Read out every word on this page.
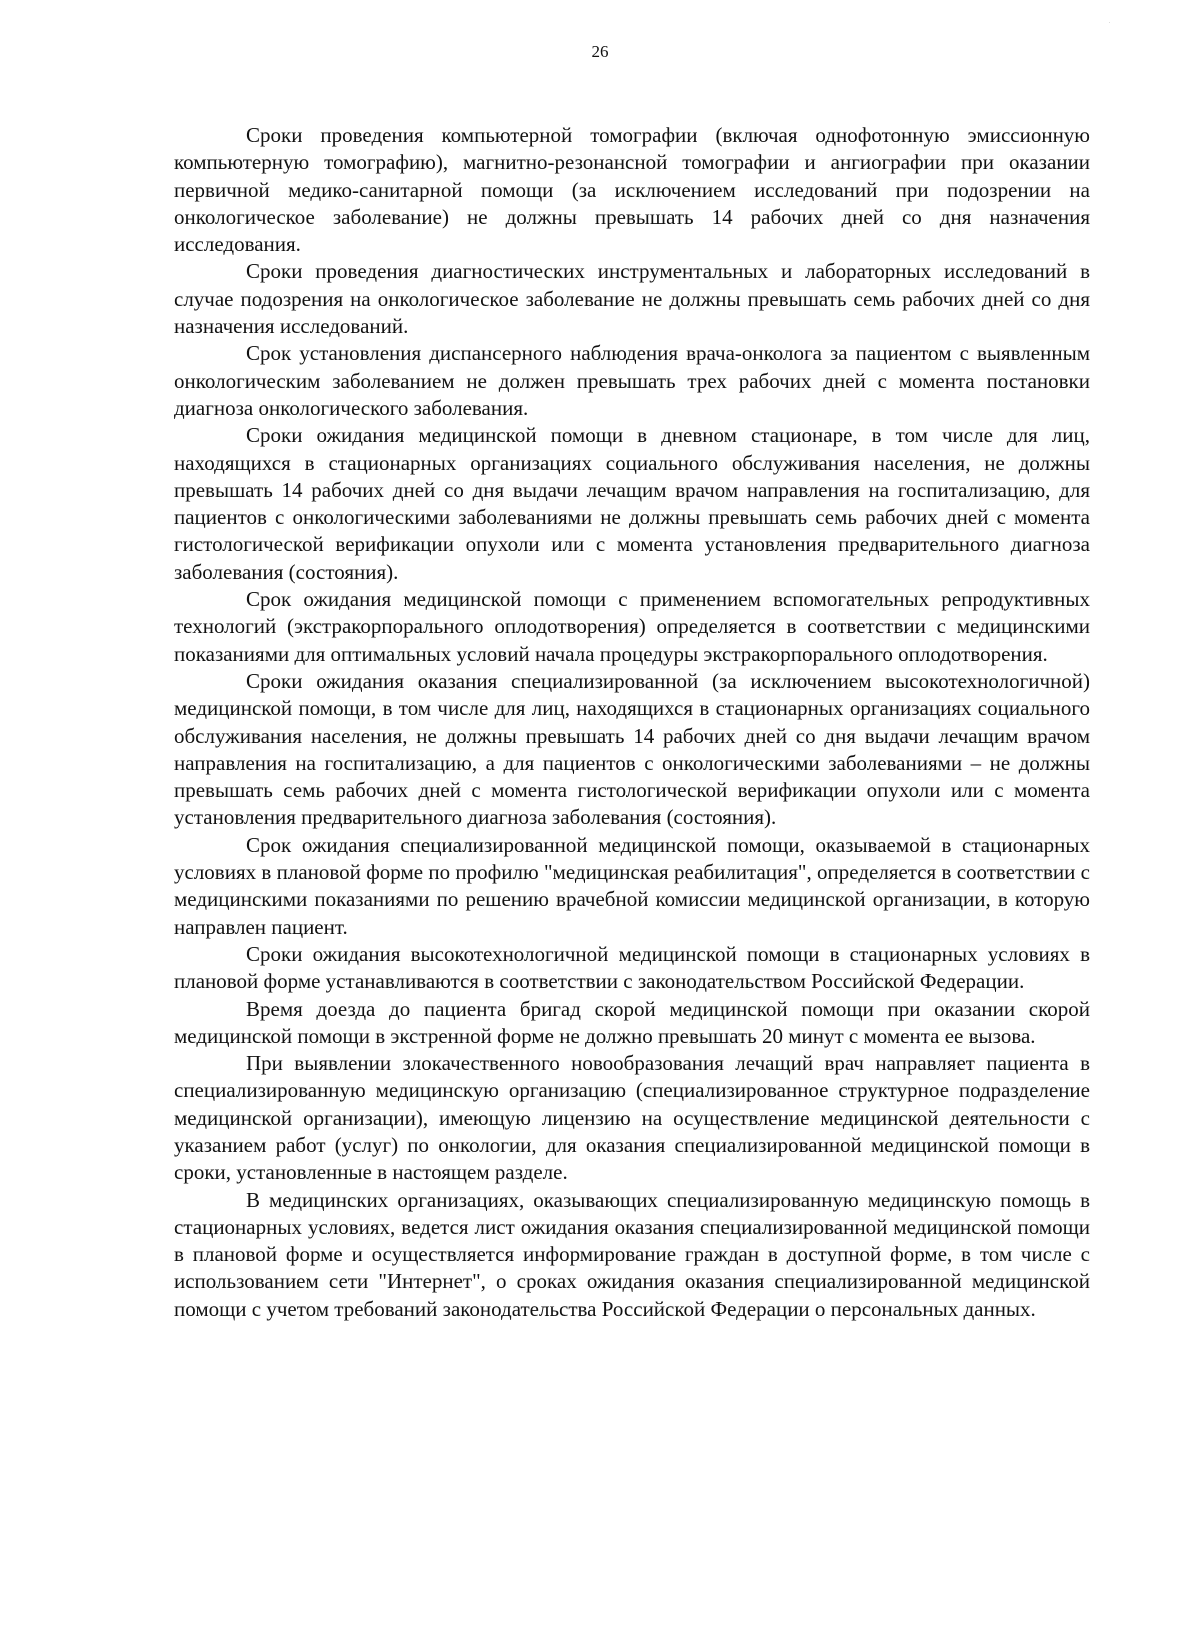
26

Сроки проведения компьютерной томографии (включая однофотонную эмиссионную компьютерную томографию), магнитно-резонансной томографии и ангиографии при оказании первичной медико-санитарной помощи (за исключением исследований при подозрении на онкологическое заболевание) не должны превышать 14 рабочих дней со дня назначения исследования.

Сроки проведения диагностических инструментальных и лабораторных исследований в случае подозрения на онкологическое заболевание не должны превышать семь рабочих дней со дня назначения исследований.

Срок установления диспансерного наблюдения врача-онколога за пациентом с выявленным онкологическим заболеванием не должен превышать трех рабочих дней с момента постановки диагноза онкологического заболевания.

Сроки ожидания медицинской помощи в дневном стационаре, в том числе для лиц, находящихся в стационарных организациях социального обслуживания населения, не должны превышать 14 рабочих дней со дня выдачи лечащим врачом направления на госпитализацию, для пациентов с онкологическими заболеваниями не должны превышать семь рабочих дней с момента гистологической верификации опухоли или с момента установления предварительного диагноза заболевания (состояния).

Срок ожидания медицинской помощи с применением вспомогательных репродуктивных технологий (экстракорпорального оплодотворения) определяется в соответствии с медицинскими показаниями для оптимальных условий начала процедуры экстракорпорального оплодотворения.

Сроки ожидания оказания специализированной (за исключением высокотехнологичной) медицинской помощи, в том числе для лиц, находящихся в стационарных организациях социального обслуживания населения, не должны превышать 14 рабочих дней со дня выдачи лечащим врачом направления на госпитализацию, а для пациентов с онкологическими заболеваниями – не должны превышать семь рабочих дней с момента гистологической верификации опухоли или с момента установления предварительного диагноза заболевания (состояния).

Срок ожидания специализированной медицинской помощи, оказываемой в стационарных условиях в плановой форме по профилю "медицинская реабилитация", определяется в соответствии с медицинскими показаниями по решению врачебной комиссии медицинской организации, в которую направлен пациент.

Сроки ожидания высокотехнологичной медицинской помощи в стационарных условиях в плановой форме устанавливаются в соответствии с законодательством Российской Федерации.

Время доезда до пациента бригад скорой медицинской помощи при оказании скорой медицинской помощи в экстренной форме не должно превышать 20 минут с момента ее вызова.

При выявлении злокачественного новообразования лечащий врач направляет пациента в специализированную медицинскую организацию (специализированное структурное подразделение медицинской организации), имеющую лицензию на осуществление медицинской деятельности с указанием работ (услуг) по онкологии, для оказания специализированной медицинской помощи в сроки, установленные в настоящем разделе.

В медицинских организациях, оказывающих специализированную медицинскую помощь в стационарных условиях, ведется лист ожидания оказания специализированной медицинской помощи в плановой форме и осуществляется информирование граждан в доступной форме, в том числе с использованием сети "Интернет", о сроках ожидания оказания специализированной медицинской помощи с учетом требований законодательства Российской Федерации о персональных данных.
